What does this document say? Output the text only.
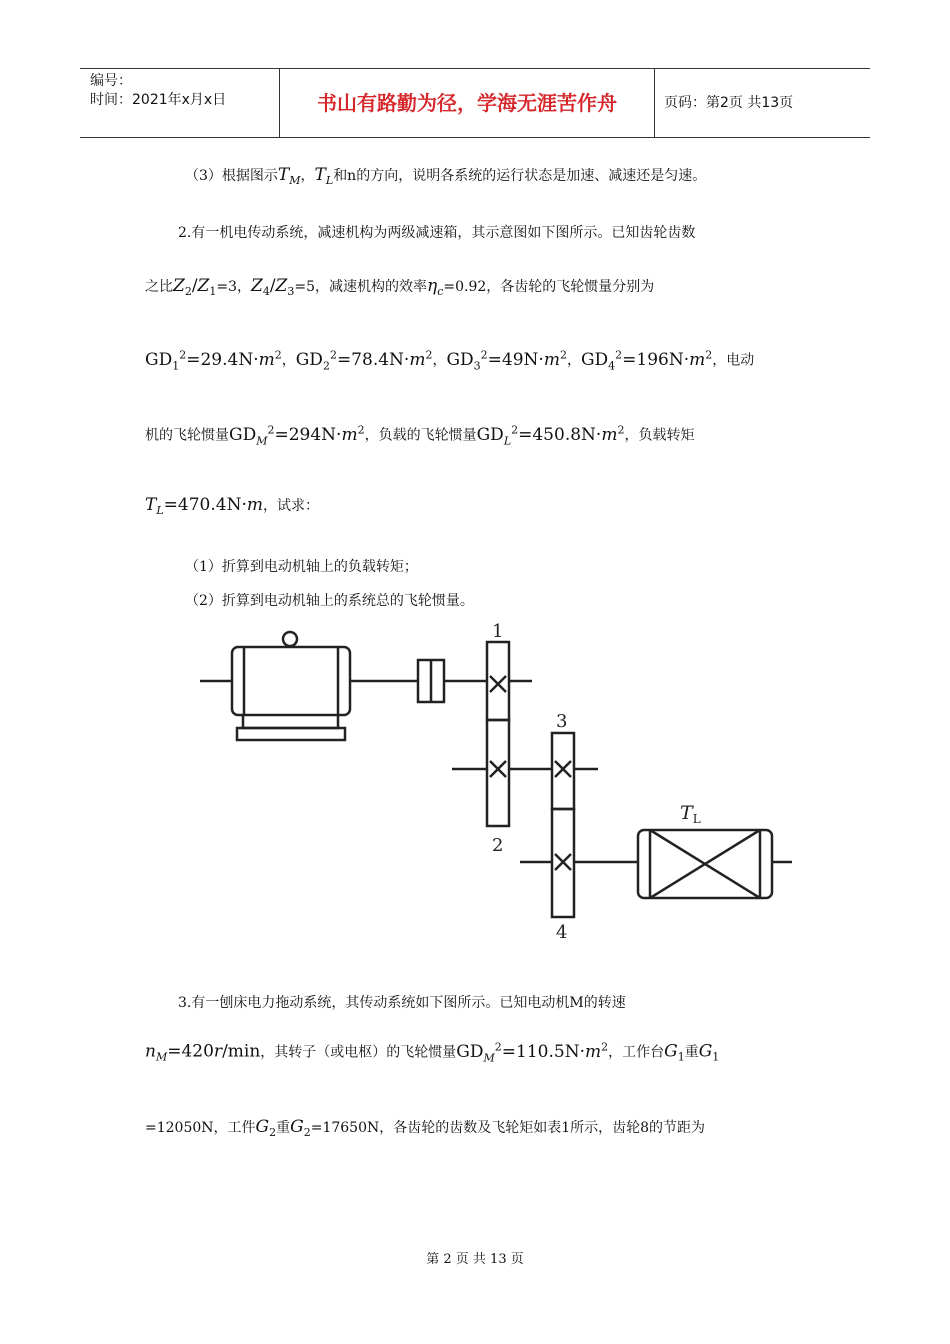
编号：
时间：2021年x月x日	书山有路勤为径，学海无涯苦作舟	页码：第2页 共13页
（3）根据图示$T_M$，$T_L$和n的方向，说明各系统的运行状态是加速、减速还是匀速。
2.有一机电传动系统，减速机构为两级减速箱，其示意图如下图所示。已知齿轮齿数
之比$Z_2/Z_1=3$，$Z_4/Z_3=5$，减速机构的效率$\eta_c=0.92$，各齿轮的飞轮惯量分别为
$GD_1^2=29.4N\cdot m^2$，$GD_2^2=78.4N\cdot m^2$，$GD_3^2=49N\cdot m^2$，$GD_4^2=196N\cdot m^2$，电动
机的飞轮惯量$GD_M^2=294N\cdot m^2$，负载的飞轮惯量$GD_L^2=450.8N\cdot m^2$，负载转矩
$T_L=470.4N\cdot m$，试求：
（1）折算到电动机轴上的负载转矩；
（2）折算到电动机轴上的系统总的飞轮惯量。
1
2
3
4
$T_L$
3.有一刨床电力拖动系统，其传动系统如下图所示。已知电动机M的转速
$n_M=420r/\min$，其转子（或电枢）的飞轮惯量$GD_M^2=110.5N\cdot m^2$，工作台$G_1$重$G_1$
=12050N，工件$G_2$重$G_2=17650N$，各齿轮的齿数及飞轮矩如表1所示，齿轮8的节距为
第 2 页 共 13 页
